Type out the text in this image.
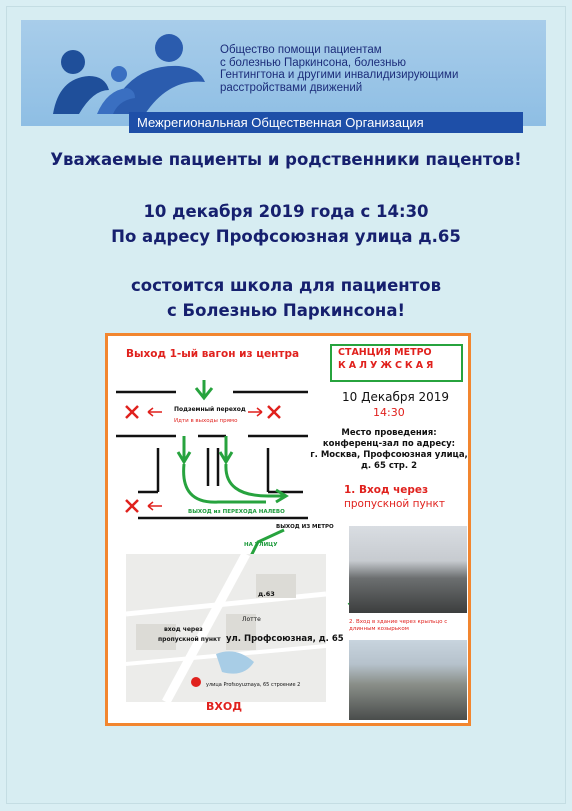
Общество помощи пациентам
с болезнью Паркинсона, болезнью
Гентингтона и другими инвалидизирующими
расстройствами движений
Межрегиональная Общественная Организация
Уважаемые пациенты и родственники пацентов!
10 декабря 2019 года с 14:30
По адресу Профсоюзная улица д.65
состоится школа для пациентов
с Болезнью Паркинсона!
Выход 1-ый вагон из центра	СТАНЦИЯ МЕТРО
КАЛУЖСКАЯ
10 Декабря 2019
14:30
Место проведения:
конференц-зал по адресу:
г. Москва, Профсоюзная улица,
д. 65 стр. 2
1. Вход через
пропускной пункт
Подземный переход
Идти в выходы прямо
ВЫХОД из ПЕРЕХОДА НАЛЕВО
ВЫХОД ИЗ МЕТРО
НА УЛИЦУ
д.63
Лотте
вход через
пропускной пункт ул. Профсоюзная, д. 65
2. Вход в здание через крыльцо с длинным козырьком
улица Profsoyuznaya, 65 строение 2
ВХОД
